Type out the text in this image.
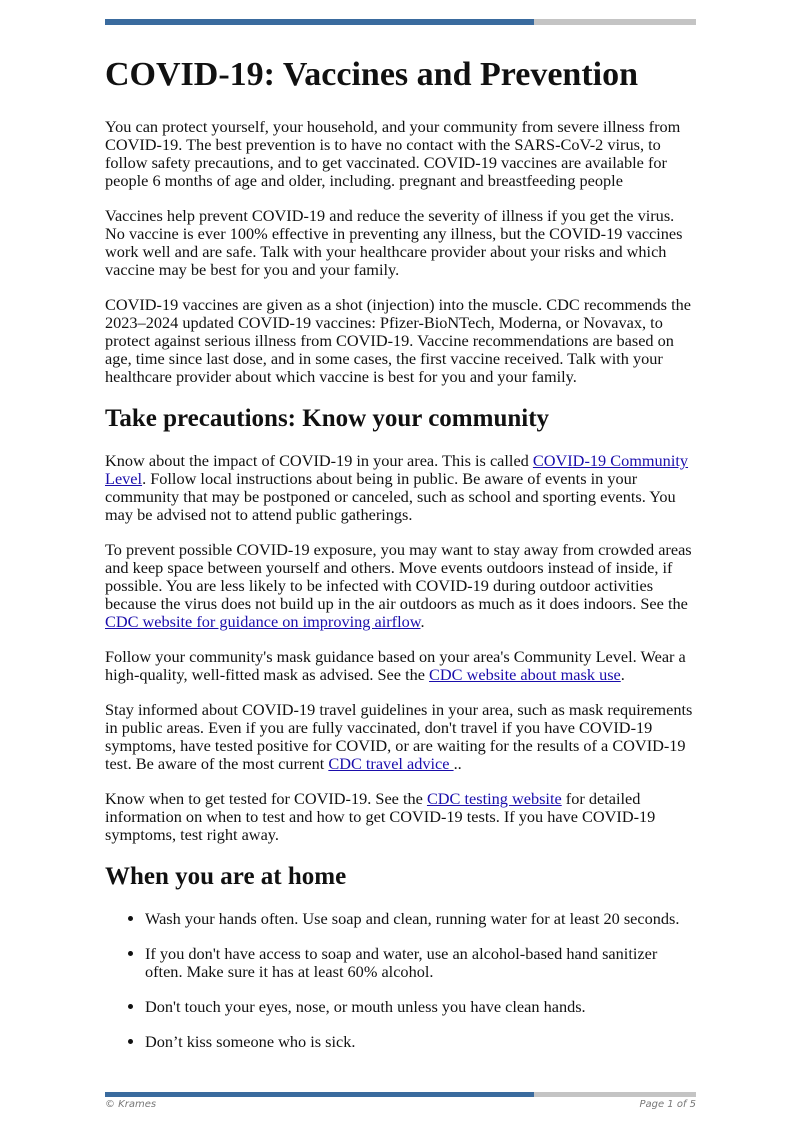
COVID-19: Vaccines and Prevention

You can protect yourself, your household, and your community from severe illness from COVID-19. The best prevention is to have no contact with the SARS-CoV-2 virus, to follow safety precautions, and to get vaccinated. COVID-19 vaccines are available for people 6 months of age and older, including. pregnant and breastfeeding people

Vaccines help prevent COVID-19 and reduce the severity of illness if you get the virus. No vaccine is ever 100% effective in preventing any illness, but the COVID-19 vaccines work well and are safe. Talk with your healthcare provider about your risks and which vaccine may be best for you and your family.

COVID-19 vaccines are given as a shot (injection) into the muscle. CDC recommends the 2023–2024 updated COVID-19 vaccines: Pfizer-BioNTech, Moderna, or Novavax, to protect against serious illness from COVID-19. Vaccine recommendations are based on age, time since last dose, and in some cases, the first vaccine received. Talk with your healthcare provider about which vaccine is best for you and your family.

Take precautions: Know your community

Know about the impact of COVID-19 in your area. This is called COVID-19 Community Level. Follow local instructions about being in public. Be aware of events in your community that may be postponed or canceled, such as school and sporting events. You may be advised not to attend public gatherings.

To prevent possible COVID-19 exposure, you may want to stay away from crowded areas and keep space between yourself and others. Move events outdoors instead of inside, if possible. You are less likely to be infected with COVID-19 during outdoor activities because the virus does not build up in the air outdoors as much as it does indoors. See the CDC website for guidance on improving airflow.

Follow your community's mask guidance based on your area's Community Level. Wear a high-quality, well-fitted mask as advised. See the CDC website about mask use.

Stay informed about COVID-19 travel guidelines in your area, such as mask requirements in public areas. Even if you are fully vaccinated, don't travel if you have COVID-19 symptoms, have tested positive for COVID, or are waiting for the results of a COVID-19 test. Be aware of the most current CDC travel advice ..

Know when to get tested for COVID-19. See the CDC testing website for detailed information on when to test and how to get COVID-19 tests. If you have COVID-19 symptoms, test right away.

When you are at home
• Wash your hands often. Use soap and clean, running water for at least 20 seconds.
• If you don't have access to soap and water, use an alcohol-based hand sanitizer often. Make sure it has at least 60% alcohol.
• Don't touch your eyes, nose, or mouth unless you have clean hands.
• Don’t kiss someone who is sick.
© Krames	Page 1 of 5
